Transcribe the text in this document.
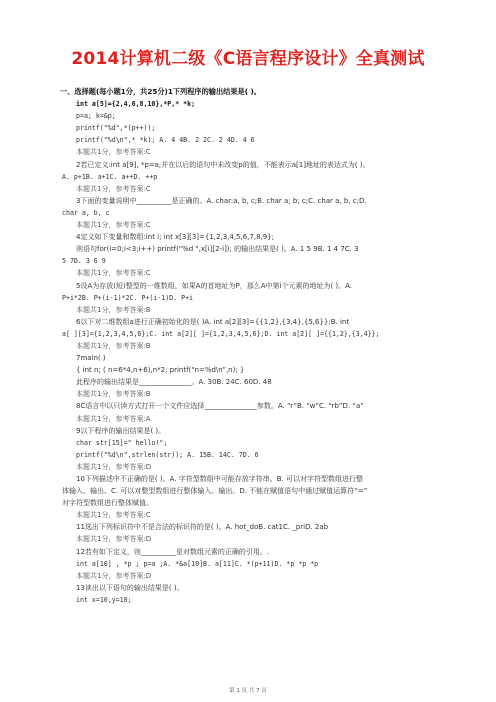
2014计算机二级《C语言程序设计》全真测试
一、选择题(每小题1分，共25分)1下列程序的输出结果是( )。
int a[5]={2,4,6,8,10},*P,* *k;
p=a; k=&p;
printf("%d",*(p++));
printf("%d\n",* *k); A. 4 4B. 2 2C. 2 4D. 4 6
本题共1分，参考答案:C
2若已定义:int a[9], *p=a;并在以后的语句中未改变p的值，不能表示a[1]地址的表达式为( )。
A. p+1B. a+1C. a++D. ++p
本题共1分，参考答案:C
3下面的变量说明中__________是正确的。A. char:a, b, c;B. char a; b; c;C. char a, b, c;D.
char a, b, c
本题共1分，参考答案:C
4定义如下变量和数组:int i; int x[3][3]={1,2,3,4,5,6,7,8,9};
则语句for(i=0;i<3;i++) printf("%d ",x[i][2-i]); 的输出结果是( )。A. 1 5 9B. 1 4 7C. 3
5 7D. 3 6 9
本题共1分，参考答案:C
5设A为存放(短)整型的一维数组，如果A的首地址为P，那么A中第i个元素的地址为( )。A.
P+i*2B. P+(i-1)*2C. P+(i-1)D. P+i
本题共1分，参考答案:B
6以下对二维数组a进行正确初始化的是( )A. int a[2][3]={{1,2},{3,4},{5,6}};B. int
a[ ][3]={1,2,3,4,5,6};C. int a[2][ ]={1,2,3,4,5,6};D. int a[2][ ]={{1,2},{3,4}};
本题共1分，参考答案:B
7main( )
{ int n; ( n=6*4,n+6),n*2; printf(“n=%d\n”,n); }
此程序的输出结果是_______________。A. 30B. 24C. 60D. 48
本题共1分，参考答案:B
8C语言中以只读方式打开一个文件应选择_______________参数。A. “r”B. “w”C. “rb”D. “a”
本题共1分，参考答案:A
9以下程序的输出结果是( )。
char str[15]=" hello!";
printf("%d\n",strlen(str)); A. 15B. 14C. 7D. 6
本题共1分，参考答案:D
10下列描述中不正确的是( )。A. 字符型数组中可能存放字符串。B. 可以对字符型数组进行整
体输入、输出。C. 可以对整型数组进行整体输入、输出。D. 不能在赋值语句中通过赋值运算符“=”
对字符型数组进行整体赋值。
本题共1分，参考答案:C
11选出下列标识符中不是合法的标识符的是( )。A. hot_doB. cat1C. _priD. 2ab
本题共1分，参考答案:D
12若有如下定义，则__________是对数组元素的正确的引用。.
int a[10] , *p ; p=a ;A. *&a[10]B. a[11]C. *(p+11)D. *p *p *p
本题共1分，参考答案:D
13读出以下语句的输出结果是( )。
int x=10,y=10;
第 1 页 共 7 页
